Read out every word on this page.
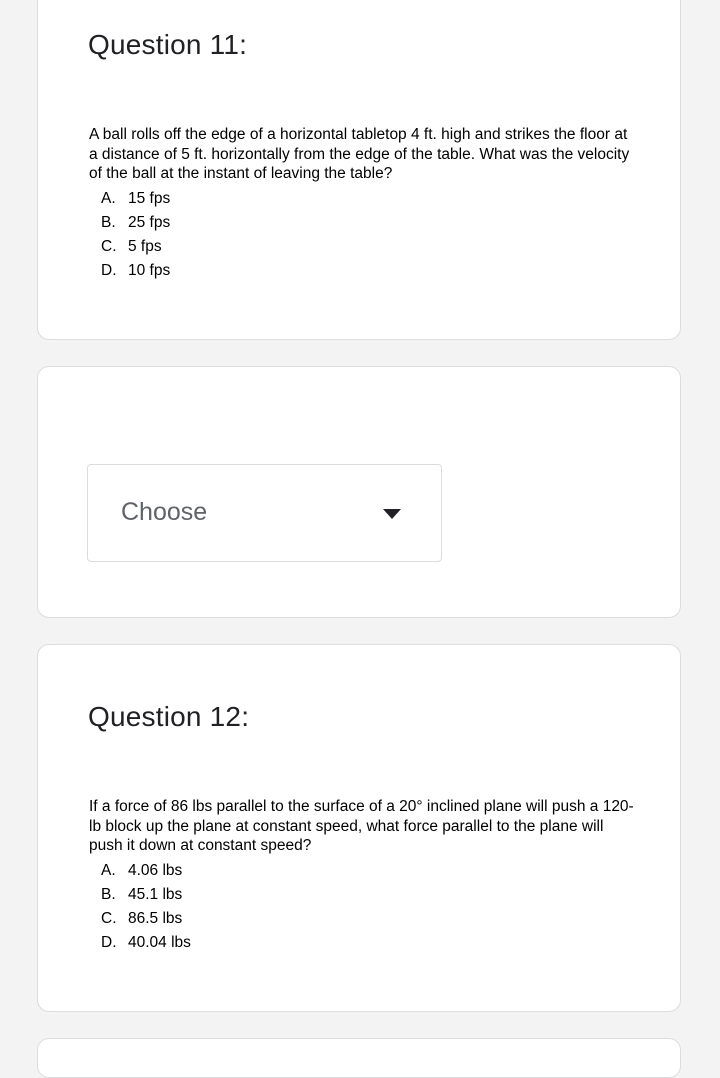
Question 11:

A ball rolls off the edge of a horizontal tabletop 4 ft. high and strikes the floor at a distance of 5 ft. horizontally from the edge of the table. What was the velocity of the ball at the instant of leaving the table?

A. 15 fps
B. 25 fps
C. 5 fps
D. 10 fps
Choose
Question 12:

If a force of 86 lbs parallel to the surface of a 20° inclined plane will push a 120-lb block up the plane at constant speed, what force parallel to the plane will push it down at constant speed?

A. 4.06 lbs
B. 45.1 lbs
C. 86.5 lbs
D. 40.04 lbs
